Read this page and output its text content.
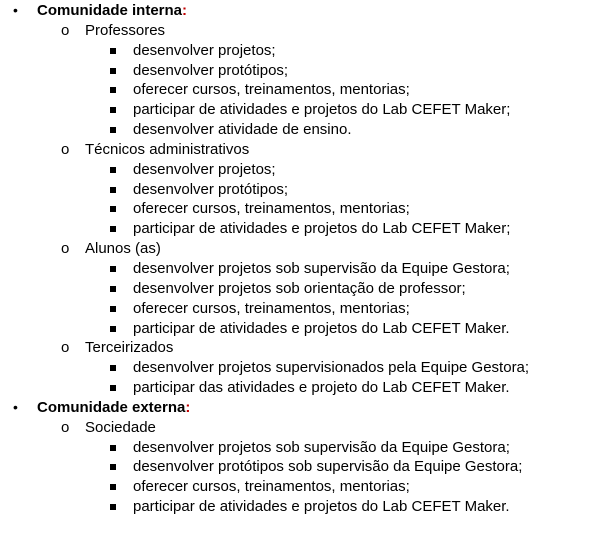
• Comunidade interna:
o Professores
desenvolver projetos;
desenvolver protótipos;
oferecer cursos, treinamentos, mentorias;
participar de atividades e projetos do Lab CEFET Maker;
desenvolver atividade de ensino.
o Técnicos administrativos
desenvolver projetos;
desenvolver protótipos;
oferecer cursos, treinamentos, mentorias;
participar de atividades e projetos do Lab CEFET Maker;
o Alunos (as)
desenvolver projetos sob supervisão da Equipe Gestora;
desenvolver projetos sob orientação de professor;
oferecer cursos, treinamentos, mentorias;
participar de atividades e projetos do Lab CEFET Maker.
o Terceirizados
desenvolver projetos supervisionados pela Equipe Gestora;
participar das atividades e projeto do Lab CEFET Maker.
• Comunidade externa:
o Sociedade
desenvolver projetos sob supervisão da Equipe Gestora;
desenvolver protótipos sob supervisão da Equipe Gestora;
oferecer cursos, treinamentos, mentorias;
participar de atividades e projetos do Lab CEFET Maker.
